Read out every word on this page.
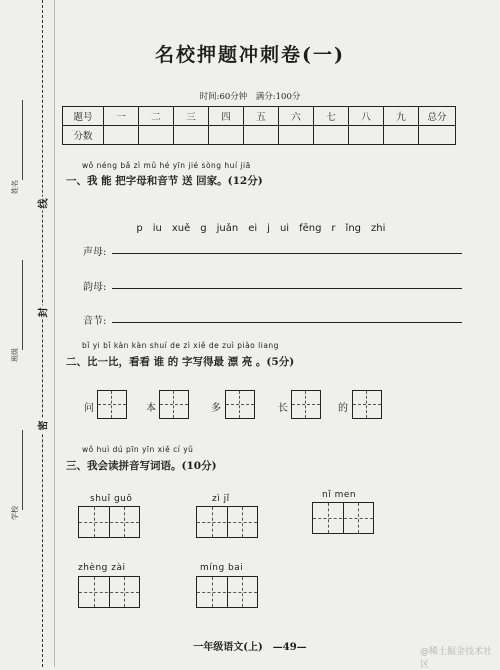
线
封
密
姓名
班级
学校
名校押题冲刺卷(一)
时间:60分钟　满分:100分
题号	一	二	三	四	五	六	七	八	九	总分
分数										
wǒ néng bǎ zì mǔ hé yīn jié sòng huí jiā
一、我 能 把字母和音节 送 回家。(12分)

p　 iu　 xuě　 g　 juǎn　 ei　 j　 ui　 fēng　 r　 ǐng　 zhi

声母:
韵母:
音节:
bǐ yi bǐ kàn kàn shuí de zì xiě de zuì piào liang
二、比一比，看看 谁 的 字写得最 漂 亮 。(5分)
问	本	多	长	的
wǒ huì dú pīn yīn xiě cí yǔ
三、我会读拼音写词语。(10分)
shuǐ guǒ	zì jǐ	nǐ men
zhèng zài	míng bai
一年级语文(上)　—49—	@稀土掘金技术社区
